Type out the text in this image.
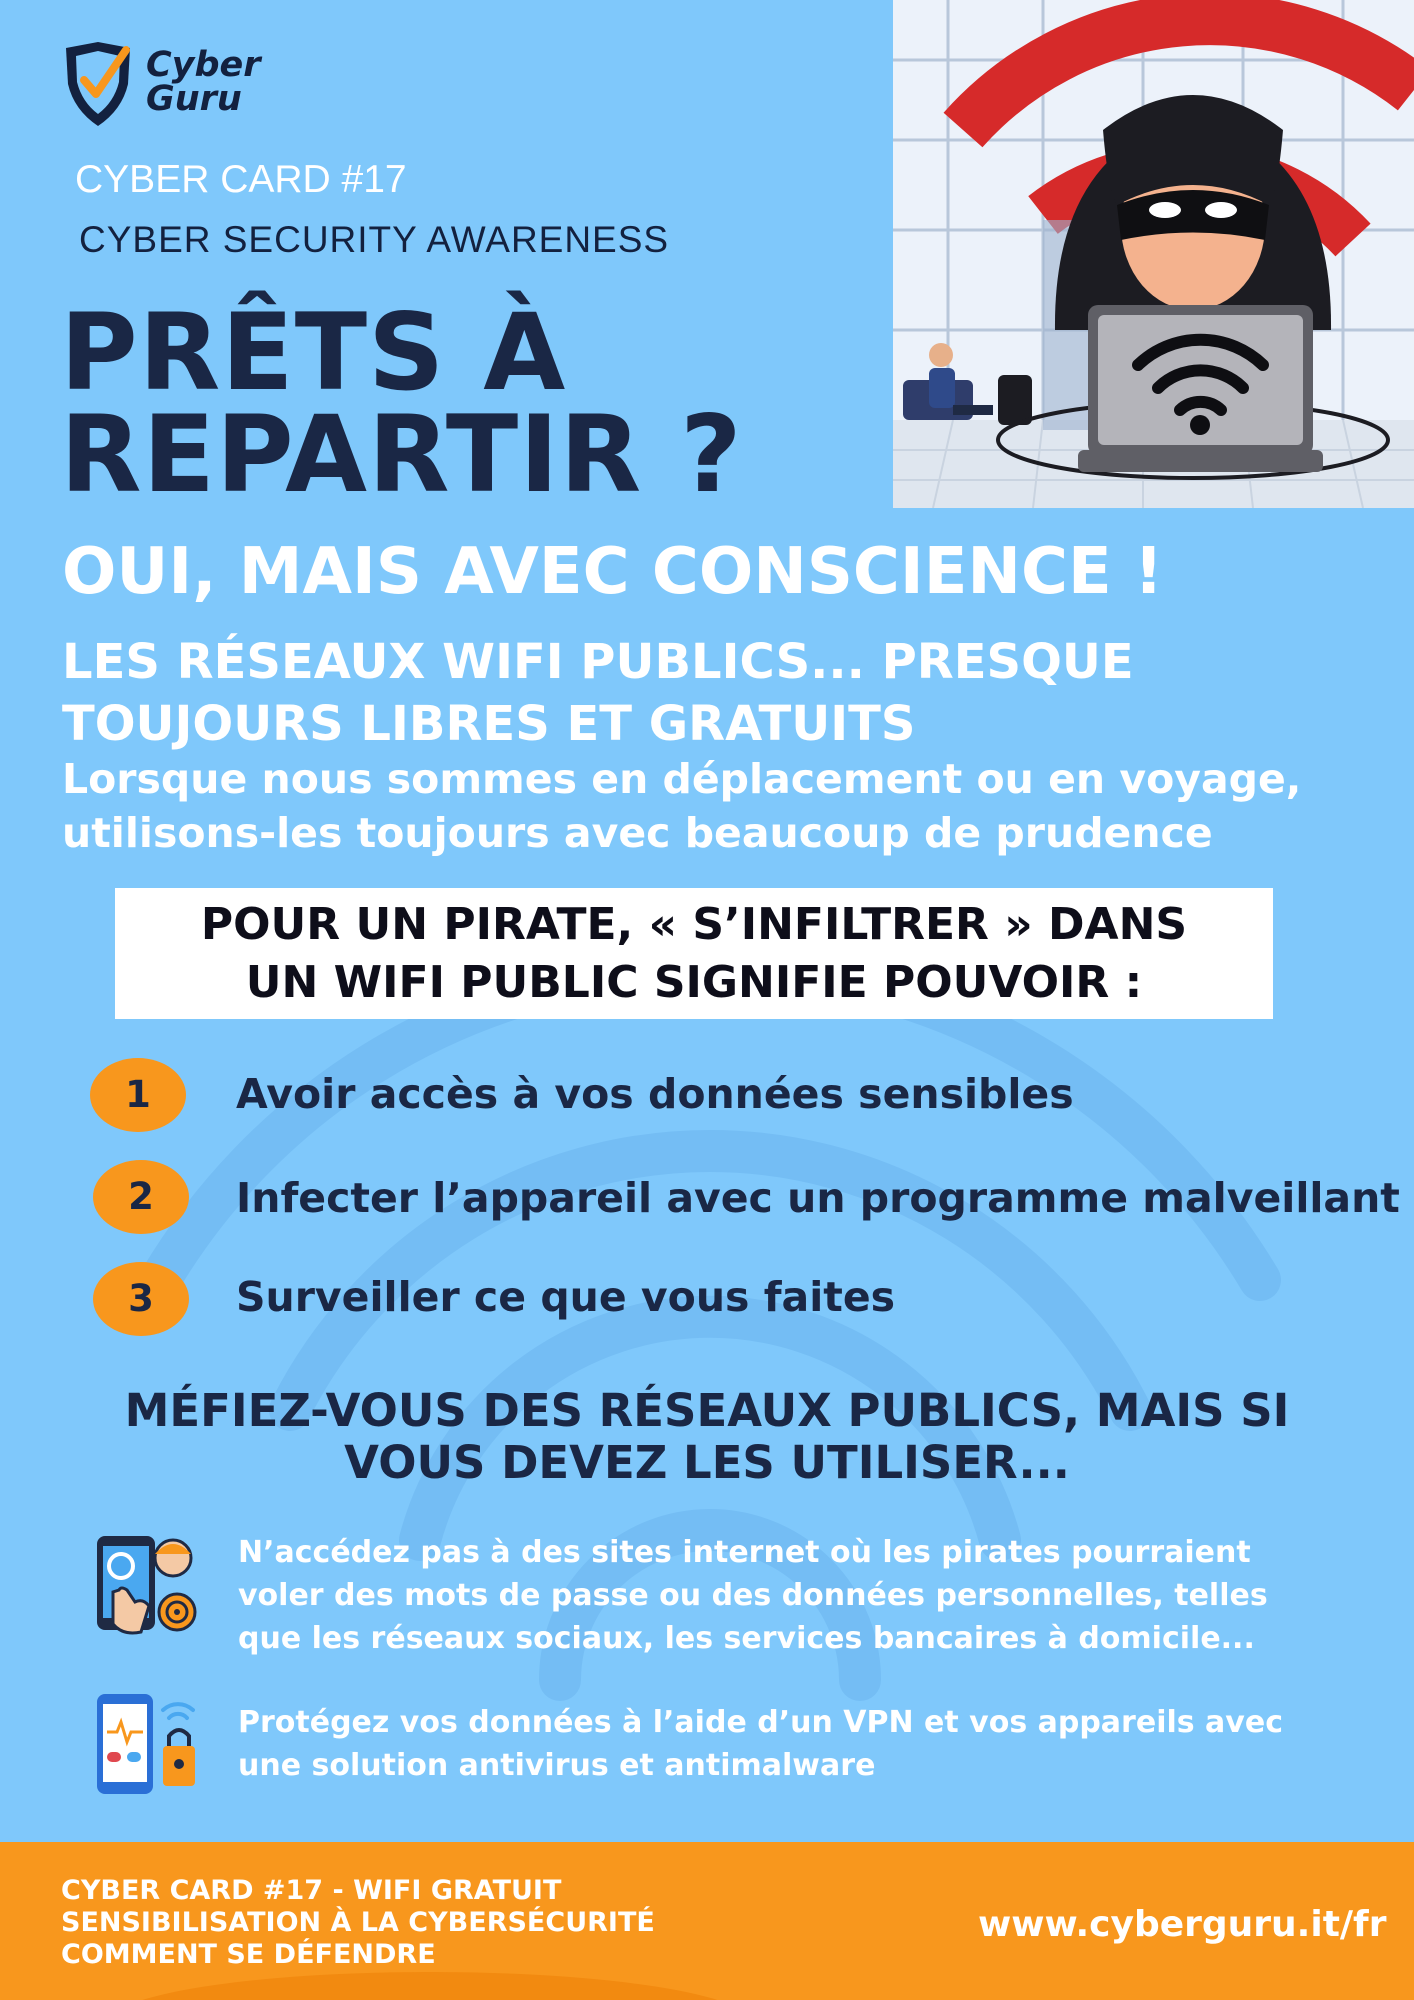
Cyber
Guru
CYBER CARD #17
CYBER SECURITY AWARENESS
PRÊTS À
REPARTIR ?
OUI, MAIS AVEC CONSCIENCE !
LES RÉSEAUX WIFI PUBLICS... PRESQUE
TOUJOURS LIBRES ET GRATUITS
Lorsque nous sommes en déplacement ou en voyage,
utilisons-les toujours avec beaucoup de prudence
POUR UN PIRATE, « S’INFILTRER » DANS
UN WIFI PUBLIC SIGNIFIE POUVOIR :
1	Avoir accès à vos données sensibles
2	Infecter l’appareil avec un programme malveillant
3	Surveiller ce que vous faites
MÉFIEZ-VOUS DES RÉSEAUX PUBLICS, MAIS SI
VOUS DEVEZ LES UTILISER...
N’accédez pas à des sites internet où les pirates pourraient
voler des mots de passe ou des données personnelles, telles
que les réseaux sociaux, les services bancaires à domicile...
Protégez vos données à l’aide d’un VPN et vos appareils avec
une solution antivirus et antimalware
CYBER CARD #17 - WIFI GRATUIT
SENSIBILISATION À LA CYBERSÉCURITÉ
COMMENT SE DÉFENDRE
www.cyberguru.it/fr
